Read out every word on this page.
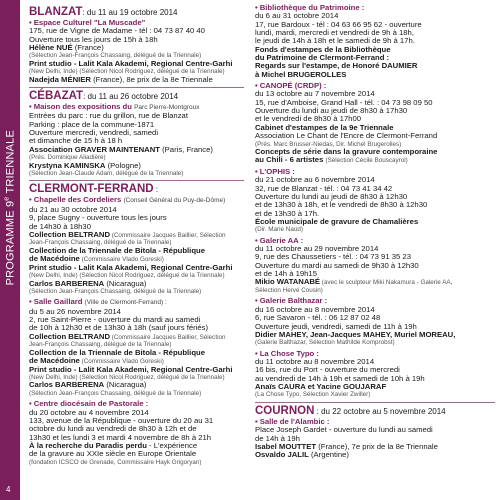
PROGRAMME 9e TRIENNALE
4
BLANZAT: du 11 au 19 octobre 2014
• Espace Culturel "La Muscade"
175, rue de Vigne de Madame - tél : 04 73 87 40 40
Ouverture tous les jours de 15h à 18h
Hélène NUÉ (France)
(Sélection Jean-François Chassaing, délégué de la Triennale)
Print studio - Lalit Kala Akademi, Regional Centre-Garhi
(New Delhi, Inde) (Sélection Nicol Rodriguez, délégué de la Triennale)
Nadejda MÉNIER (France), 8e prix de la 8e Triennale
CÉBAZAT: du 11 au 26 octobre 2014
• Maison des expositions du Parc Pierre-Montgroux
Entrées du parc : rue du grillon, rue de Blanzat
Parking : place de la commune-1871
Ouverture mercredi, vendredi, samedi
et dimanche de 15 h à 18 h
Association GRAVER MAINTENANT (Paris, France)
(Prés. Dominique Aliadière)
Krystyna KAMINSKA (Pologne)
(Sélection Jean-Claude Adam, délégué de la Triennale)
CLERMONT-FERRAND :
• Chapelle des Cordeliers (Conseil Général du Puy-de-Dôme)
du 21 au 30 octobre 2014
9, place Sugny - ouverture tous les jours
de 14h30 à 18h30
Collection BELTRAND (Commissaire Jacques Baillier, Sélection
Jean-François Chassaing, délégué de la Triennale)
Collection de la Triennale de Bitola - République
de Macédoine (Commissaire Vlado Goreski)
Print studio - Lalit Kala Akademi, Regional Centre-Garhi
(New Delhi, Inde) (Sélection Nicol Rodriguez, délégué de la Triennale)
Carlos BARBERENA (Nicaragua)
(Sélection Jean-François Chassaing, délégué de la Triennale)
• Salle Gaillard (Ville de Clermont-Ferrand) :
du 5 au 26 novembre 2014
2, rue Saint-Pierre - ouverture du mardi au samedi
de 10h à 12h30 et de 13h30 à 18h (sauf jours fériés)
Collection BELTRAND (Commissaire Jacques Baillier, Sélection
Jean-François Chassaing, délégué de la Triennale)
Collection de la Triennale de Bitola - République
de Macédoine (Commissaire Vlado Goreski)
Print studio - Lalit Kala Akademi, Regional Centre-Garhi
(New Delhi, Inde) (Sélection Nicol Rodriguez, délégué de la Triennale)
Carlos BARBERENA (Nicaragua)
(Sélection Jean-François Chassaing, délégué de la Triennale)
• Centre diocésain de Pastorale :
du 20 octobre au 4 novembre 2014
133, avenue de la République - ouverture du 20 au 31
octobre du lundi au vendredi de 8h30 à 12h et de
13h30 et les lundi 3 et mardi 4 novembre de 8h à 21h
À la recherche du Paradis perdu - L'expérience
de la gravure au XXIe siècle en Europe Orientale
(fondation ICSCO de Grenade, Commissaire Hayk Grigoryan)
• Bibliothèque du Patrimoine :
du 6 au 31 octobre 2014
17, rue Bardoux - tél : 04 63 66 95 62 - ouverture
lundi, mardi, mercredi et vendredi de 9h à 18h,
le jeudi de 14h à 18h et le samedi de 9h à 17h.
Fonds d'estampes de la Bibliothèque
du Patrimoine de Clermont-Ferrand :
Regards sur l'estampe, de Honoré DAUMIER
à Michel BRUGEROLLES
• CANOPÉ (CRDP) :
du 13 octobre au 7 novembre 2014
15, rue d'Amboise, Grand Hall - tél. : 04 73 98 09 50
Ouverture du lundi au jeudi de 8h30 à 17h30
et le vendredi de 8h30 à 17h00
Cabinet d'estampes de la 9e Triennale
Association Le Chant de l'Encre de Clermont-Ferrand
(Prés. Marc Brusser-Niedas, Dir. Michel Brugerolles)
Concepts de série dans la gravure contemporaine
au Chili - 6 artistes (Sélection Cécile Bouscayrol)
• L'OPHIS :
du 21 octobre au 6 novembre 2014
32, rue de Blanzat - tél. : 04 73 41 34 42
Ouverture du lundi au jeudi de 8h30 à 12h30
et de 13h30 à 18h, et le vendredi de 8h30 à 12h30
et de 13h30 à 17h.
École municipale de gravure de Chamalières
(Dir. Marie Naud)
• Galerie AA :
du 11 octobre au 29 novembre 2014
9, rue des Chaussetiers - tél. : 04 73 91 35 23
Ouverture du mardi au samedi de 9h30 à 12h30
et de 14h à 19h15
Mikio WATANABÉ (avec le sculpteur Miki Nakamura - Galerie AA,
Sélection Hervé Cousin)
• Galerie Balthazar :
du 16 octobre au 8 novembre 2014
6, rue Savaron - tél. : 06 12 87 02 48
Ouverture jeudi, vendredi, samedi de 11h à 19h
Didier MAHEY, Jean-Jacques MAHEY, Muriel MOREAU,
(Galerie Balthazar, Sélection Mathilde Komprobst)
• La Chose Typo :
du 11 octobre au 8 novembre 2014
16 bis, rue du Port - ouverture du mercredi
au vendredi de 14h à 19h et samedi de 10h à 19h
Anaïs CAURA et Yacine GOUJARAF
(La Chose Typo, Sélection Xavier Zwiller)
COURNON : du 22 octobre au 5 novembre 2014
• Salle de l'Alambic :
Place Joseph Gardet - ouverture du lundi au samedi
de 14h à 19h
Isabel MOUTTET (France), 7e prix de la 8e Triennale
Osvaldo JALIL (Argentine)
